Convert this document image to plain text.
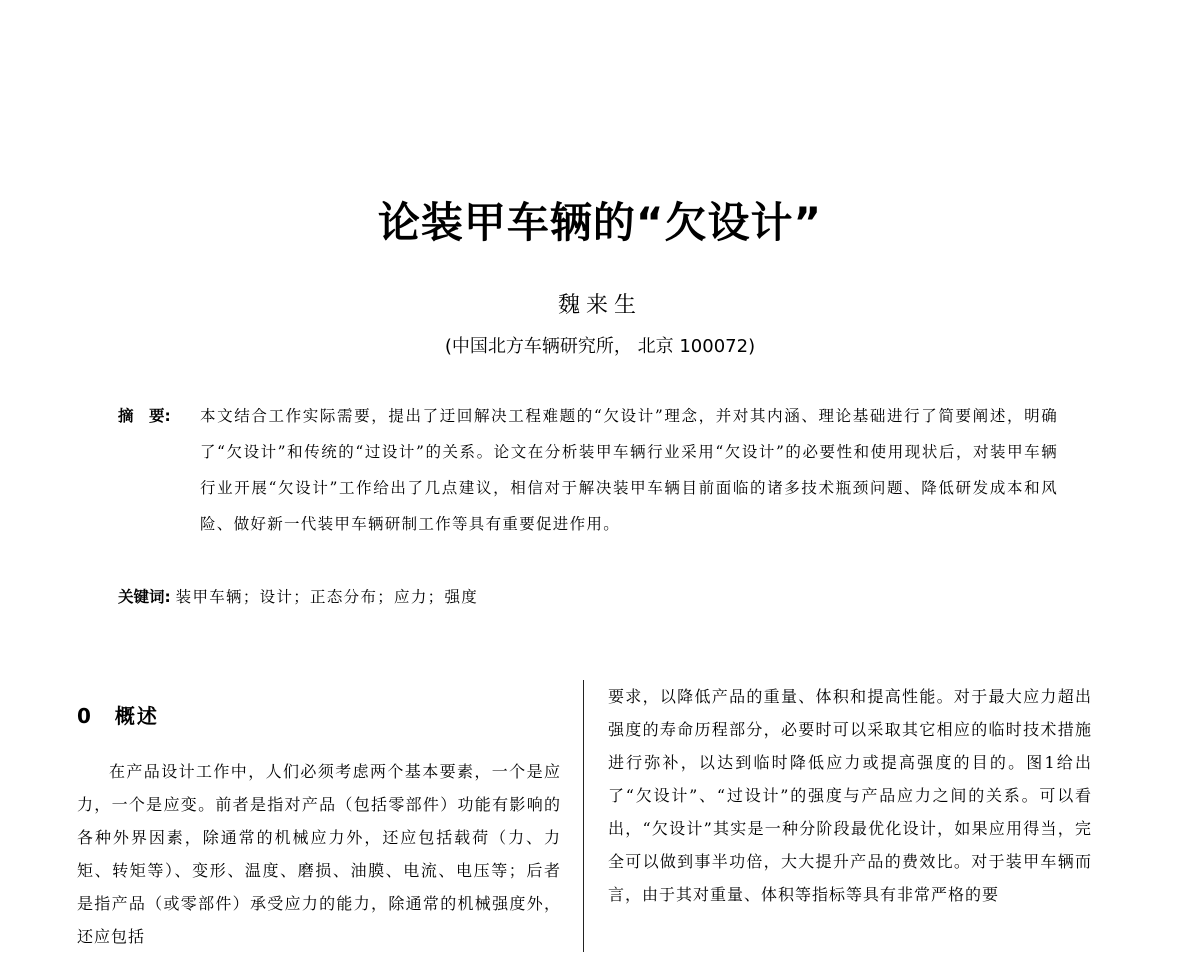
论装甲车辆的“欠设计”
魏来生
(中国北方车辆研究所， 北京 100072)
摘　要: 本文结合工作实际需要，提出了迂回解决工程难题的“欠设计”理念，并对其内涵、理论基础进行了简要阐述，明确了“欠设计”和传统的“过设计”的关系。论文在分析装甲车辆行业采用“欠设计”的必要性和使用现状后，对装甲车辆行业开展“欠设计”工作给出了几点建议，相信对于解决装甲车辆目前面临的诸多技术瓶颈问题、降低研发成本和风险、做好新一代装甲车辆研制工作等具有重要促进作用。
关键词: 装甲车辆；设计；正态分布；应力；强度
0　概述

在产品设计工作中，人们必须考虑两个基本要素，一个是应力，一个是应变。前者是指对产品（包括零部件）功能有影响的各种外界因素，除通常的机械应力外，还应包括载荷（力、力矩、转矩等）、变形、温度、磨损、油膜、电流、电压等；后者是指产品（或零部件）承受应力的能力，除通常的机械强度外，还应包括

要求，以降低产品的重量、体积和提高性能。对于最大应力超出强度的寿命历程部分，必要时可以采取其它相应的临时技术措施进行弥补，以达到临时降低应力或提高强度的目的。图1给出了“欠设计”、“过设计”的强度与产品应力之间的关系。可以看出，“欠设计”其实是一种分阶段最优化设计，如果应用得当，完全可以做到事半功倍，大大提升产品的费效比。对于装甲车辆而言，由于其对重量、体积等指标等具有非常严格的要
